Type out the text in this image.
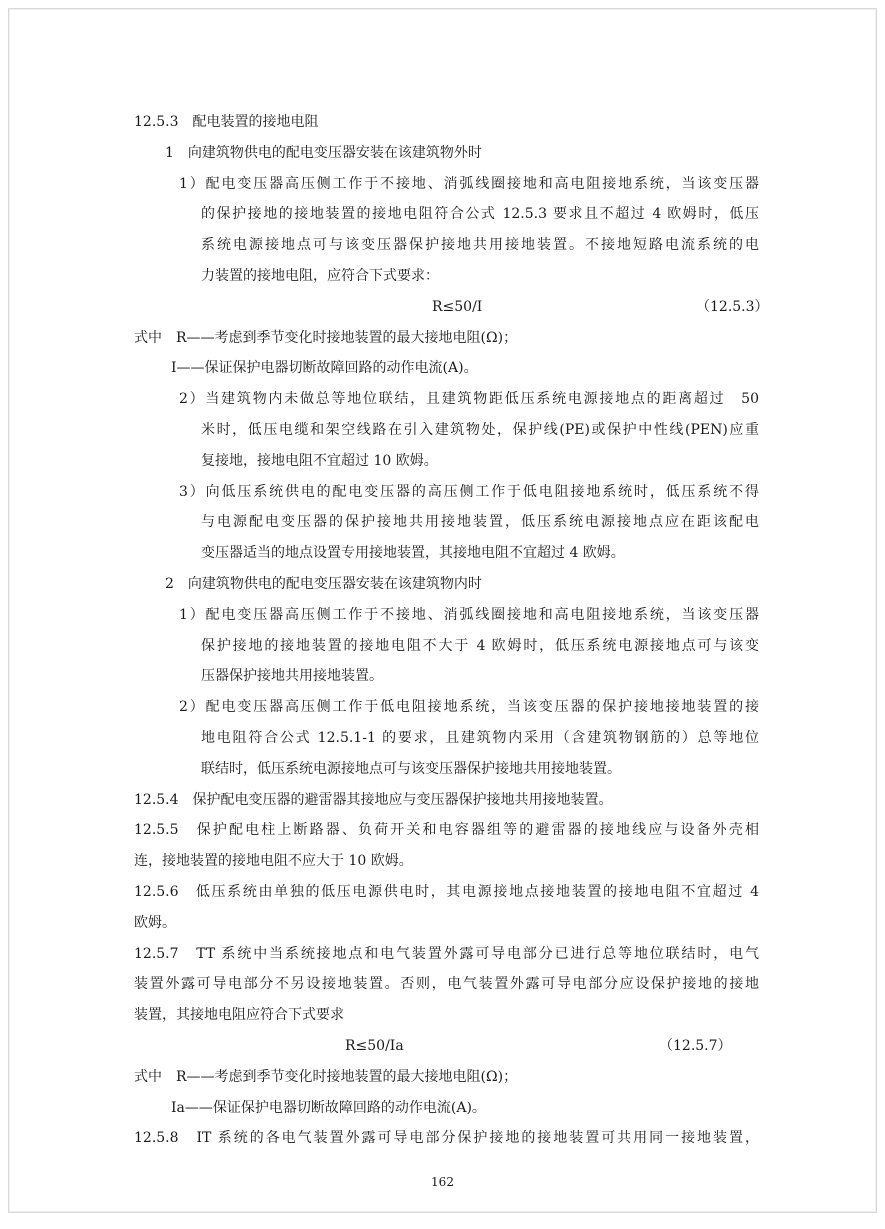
12.5.3　配电装置的接地电阻
1　向建筑物供电的配电变压器安装在该建筑物外时
1）配电变压器高压侧工作于不接地、消弧线圈接地和高电阻接地系统，当该变压器
的保护接地的接地装置的接地电阻符合公式 12.5.3 要求且不超过 4 欧姆时，低压
系统电源接地点可与该变压器保护接地共用接地装置。不接地短路电流系统的电
力装置的接地电阻，应符合下式要求：
R≤50/I	（12.5.3）
式中　R——考虑到季节变化时接地装置的最大接地电阻(Ω)；
I——保证保护电器切断故障回路的动作电流(A)。
2）当建筑物内未做总等地位联结，且建筑物距低压系统电源接地点的距离超过　50
米时，低压电缆和架空线路在引入建筑物处，保护线(PE)或保护中性线(PEN)应重
复接地，接地电阻不宜超过 10 欧姆。
3）向低压系统供电的配电变压器的高压侧工作于低电阻接地系统时，低压系统不得
与电源配电变压器的保护接地共用接地装置，低压系统电源接地点应在距该配电
变压器适当的地点设置专用接地装置，其接地电阻不宜超过 4 欧姆。
2　向建筑物供电的配电变压器安装在该建筑物内时
1）配电变压器高压侧工作于不接地、消弧线圈接地和高电阻接地系统，当该变压器
保护接地的接地装置的接地电阻不大于 4 欧姆时，低压系统电源接地点可与该变
压器保护接地共用接地装置。
2）配电变压器高压侧工作于低电阻接地系统，当该变压器的保护接地接地装置的接
地电阻符合公式 12.5.1-1 的要求，且建筑物内采用（含建筑物钢筋的）总等地位
联结时，低压系统电源接地点可与该变压器保护接地共用接地装置。
12.5.4　保护配电变压器的避雷器其接地应与变压器保护接地共用接地装置。
12.5.5　保护配电柱上断路器、负荷开关和电容器组等的避雷器的接地线应与设备外壳相
连，接地装置的接地电阻不应大于 10 欧姆。
12.5.6　低压系统由单独的低压电源供电时，其电源接地点接地装置的接地电阻不宜超过 4
欧姆。
12.5.7　TT 系统中当系统接地点和电气装置外露可导电部分已进行总等地位联结时，电气
装置外露可导电部分不另设接地装置。否则，电气装置外露可导电部分应设保护接地的接地
装置，其接地电阻应符合下式要求
R≤50/Ia	（12.5.7）
式中　R——考虑到季节变化时接地装置的最大接地电阻(Ω)；
Ia——保证保护电器切断故障回路的动作电流(A)。
12.5.8　IT 系统的各电气装置外露可导电部分保护接地的接地装置可共用同一接地装置，
162
